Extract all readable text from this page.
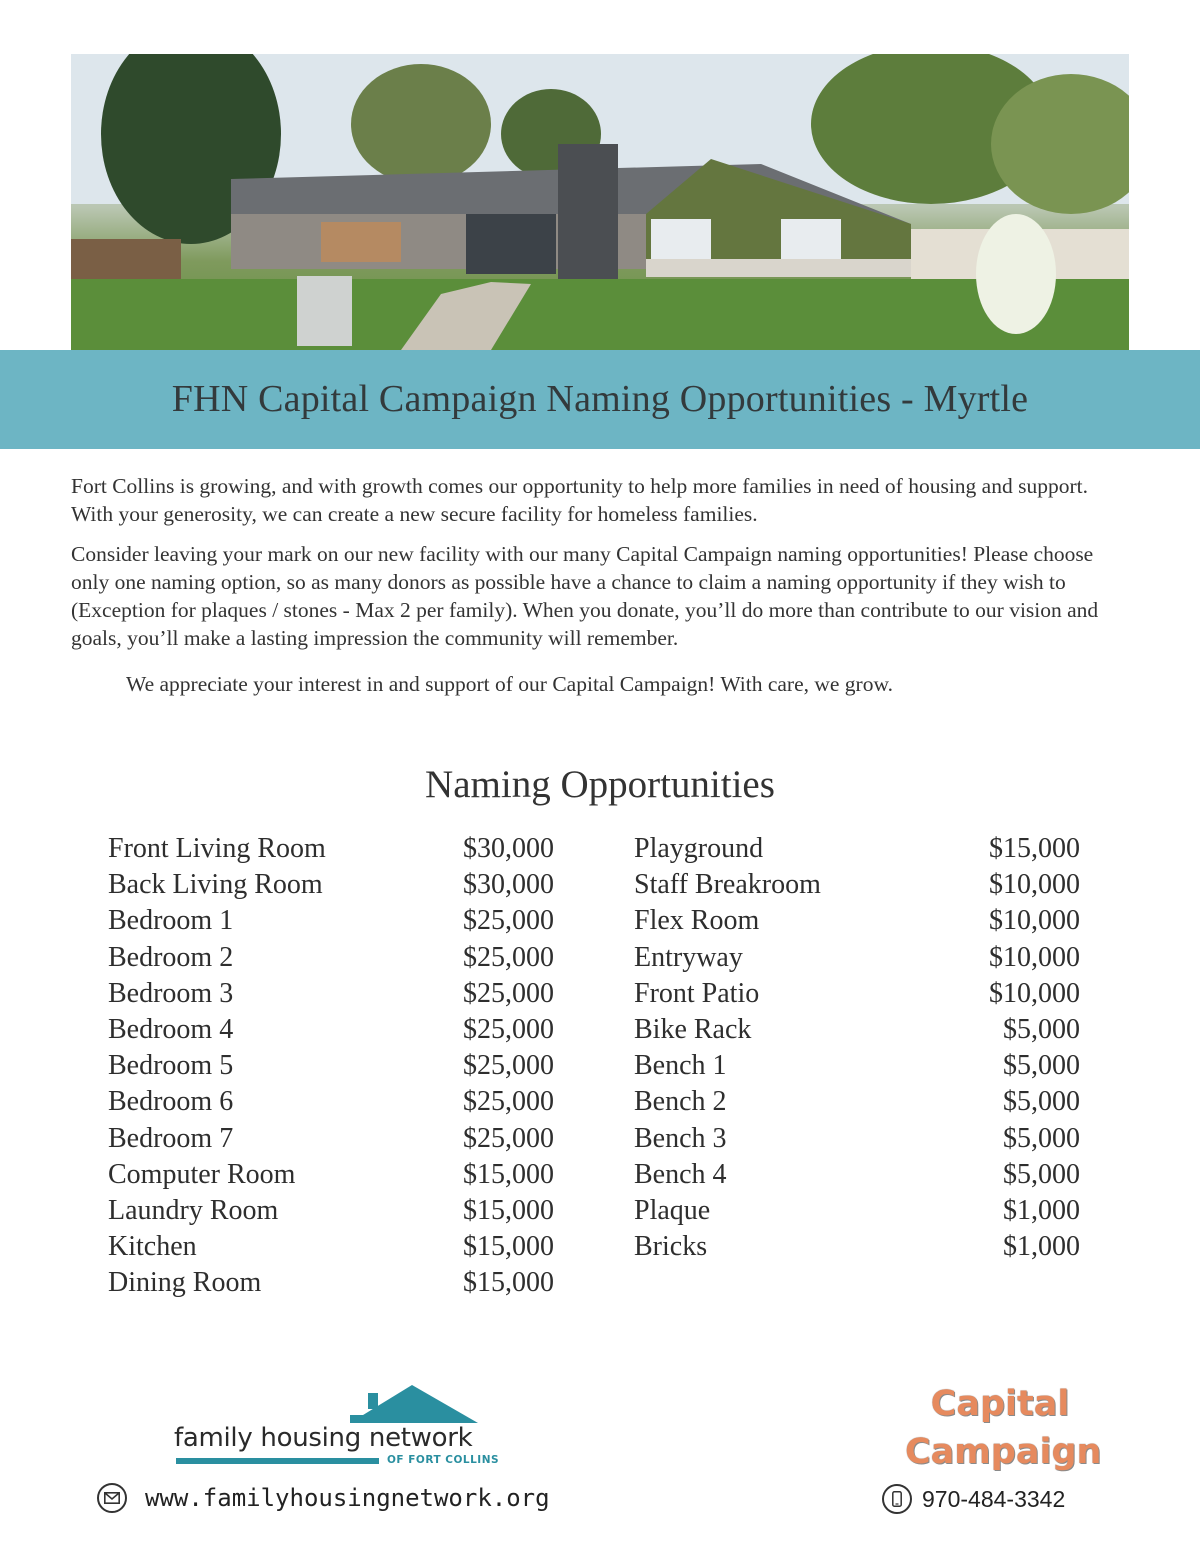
FHN Capital Campaign Naming Opportunities - Myrtle

Fort Collins is growing, and with growth comes our opportunity to help more families in need of housing and support. With your generosity, we can create a new secure facility for homeless families.

Consider leaving your mark on our new facility with our many Capital Campaign naming opportunities! Please choose only one naming option, so as many donors as possible have a chance to claim a naming opportunity if they wish to (Exception for plaques / stones - Max 2 per family). When you donate, you’ll do more than contribute to our vision and goals, you’ll make a lasting impression the community will remember.

We appreciate your interest in and support of our Capital Campaign! With care, we grow.

Naming Opportunities
Front Living Room	$30,000
Back Living Room	$30,000
Bedroom 1	$25,000
Bedroom 2	$25,000
Bedroom 3	$25,000
Bedroom 4	$25,000
Bedroom 5	$25,000
Bedroom 6	$25,000
Bedroom 7	$25,000
Computer Room	$15,000
Laundry Room	$15,000
Kitchen	$15,000
Dining Room	$15,000
Playground	$15,000
Staff Breakroom	$10,000
Flex Room	$10,000
Entryway	$10,000
Front Patio	$10,000
Bike Rack	$5,000
Bench 1	$5,000
Bench 2	$5,000
Bench 3	$5,000
Bench 4	$5,000
Plaque	$1,000
Bricks	$1,000
family housing network
OF FORT COLLINS
www.familyhousingnetwork.org
Capital
Campaign
970-484-3342
